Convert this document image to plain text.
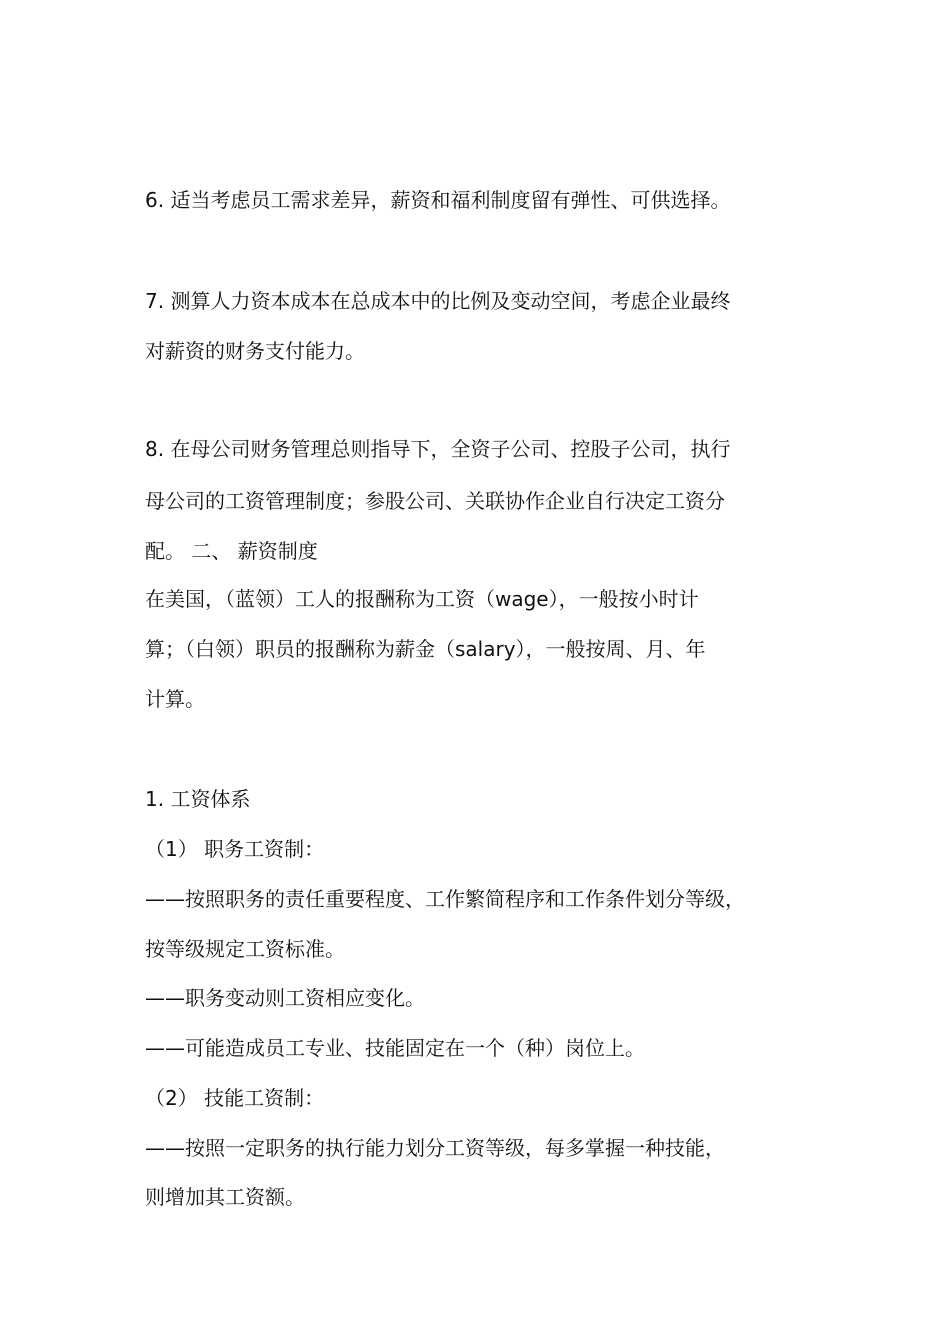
6. 适当考虑员工需求差异，薪资和福利制度留有弹性、可供选择。
7. 测算人力资本成本在总成本中的比例及变动空间，考虑企业最终
对薪资的财务支付能力。
8. 在母公司财务管理总则指导下，全资子公司、控股子公司，执行
母公司的工资管理制度；参股公司、关联协作企业自行决定工资分
配。 二、 薪资制度
在美国，（蓝领）工人的报酬称为工资（wage），一般按小时计
算；（白领）职员的报酬称为薪金（salary），一般按周、月、年
计算。
1. 工资体系
（1） 职务工资制：
——按照职务的责任重要程度、工作繁简程序和工作条件划分等级，
按等级规定工资标准。
——职务变动则工资相应变化。
——可能造成员工专业、技能固定在一个（种）岗位上。
（2） 技能工资制：
——按照一定职务的执行能力划分工资等级，每多掌握一种技能，
则增加其工资额。
